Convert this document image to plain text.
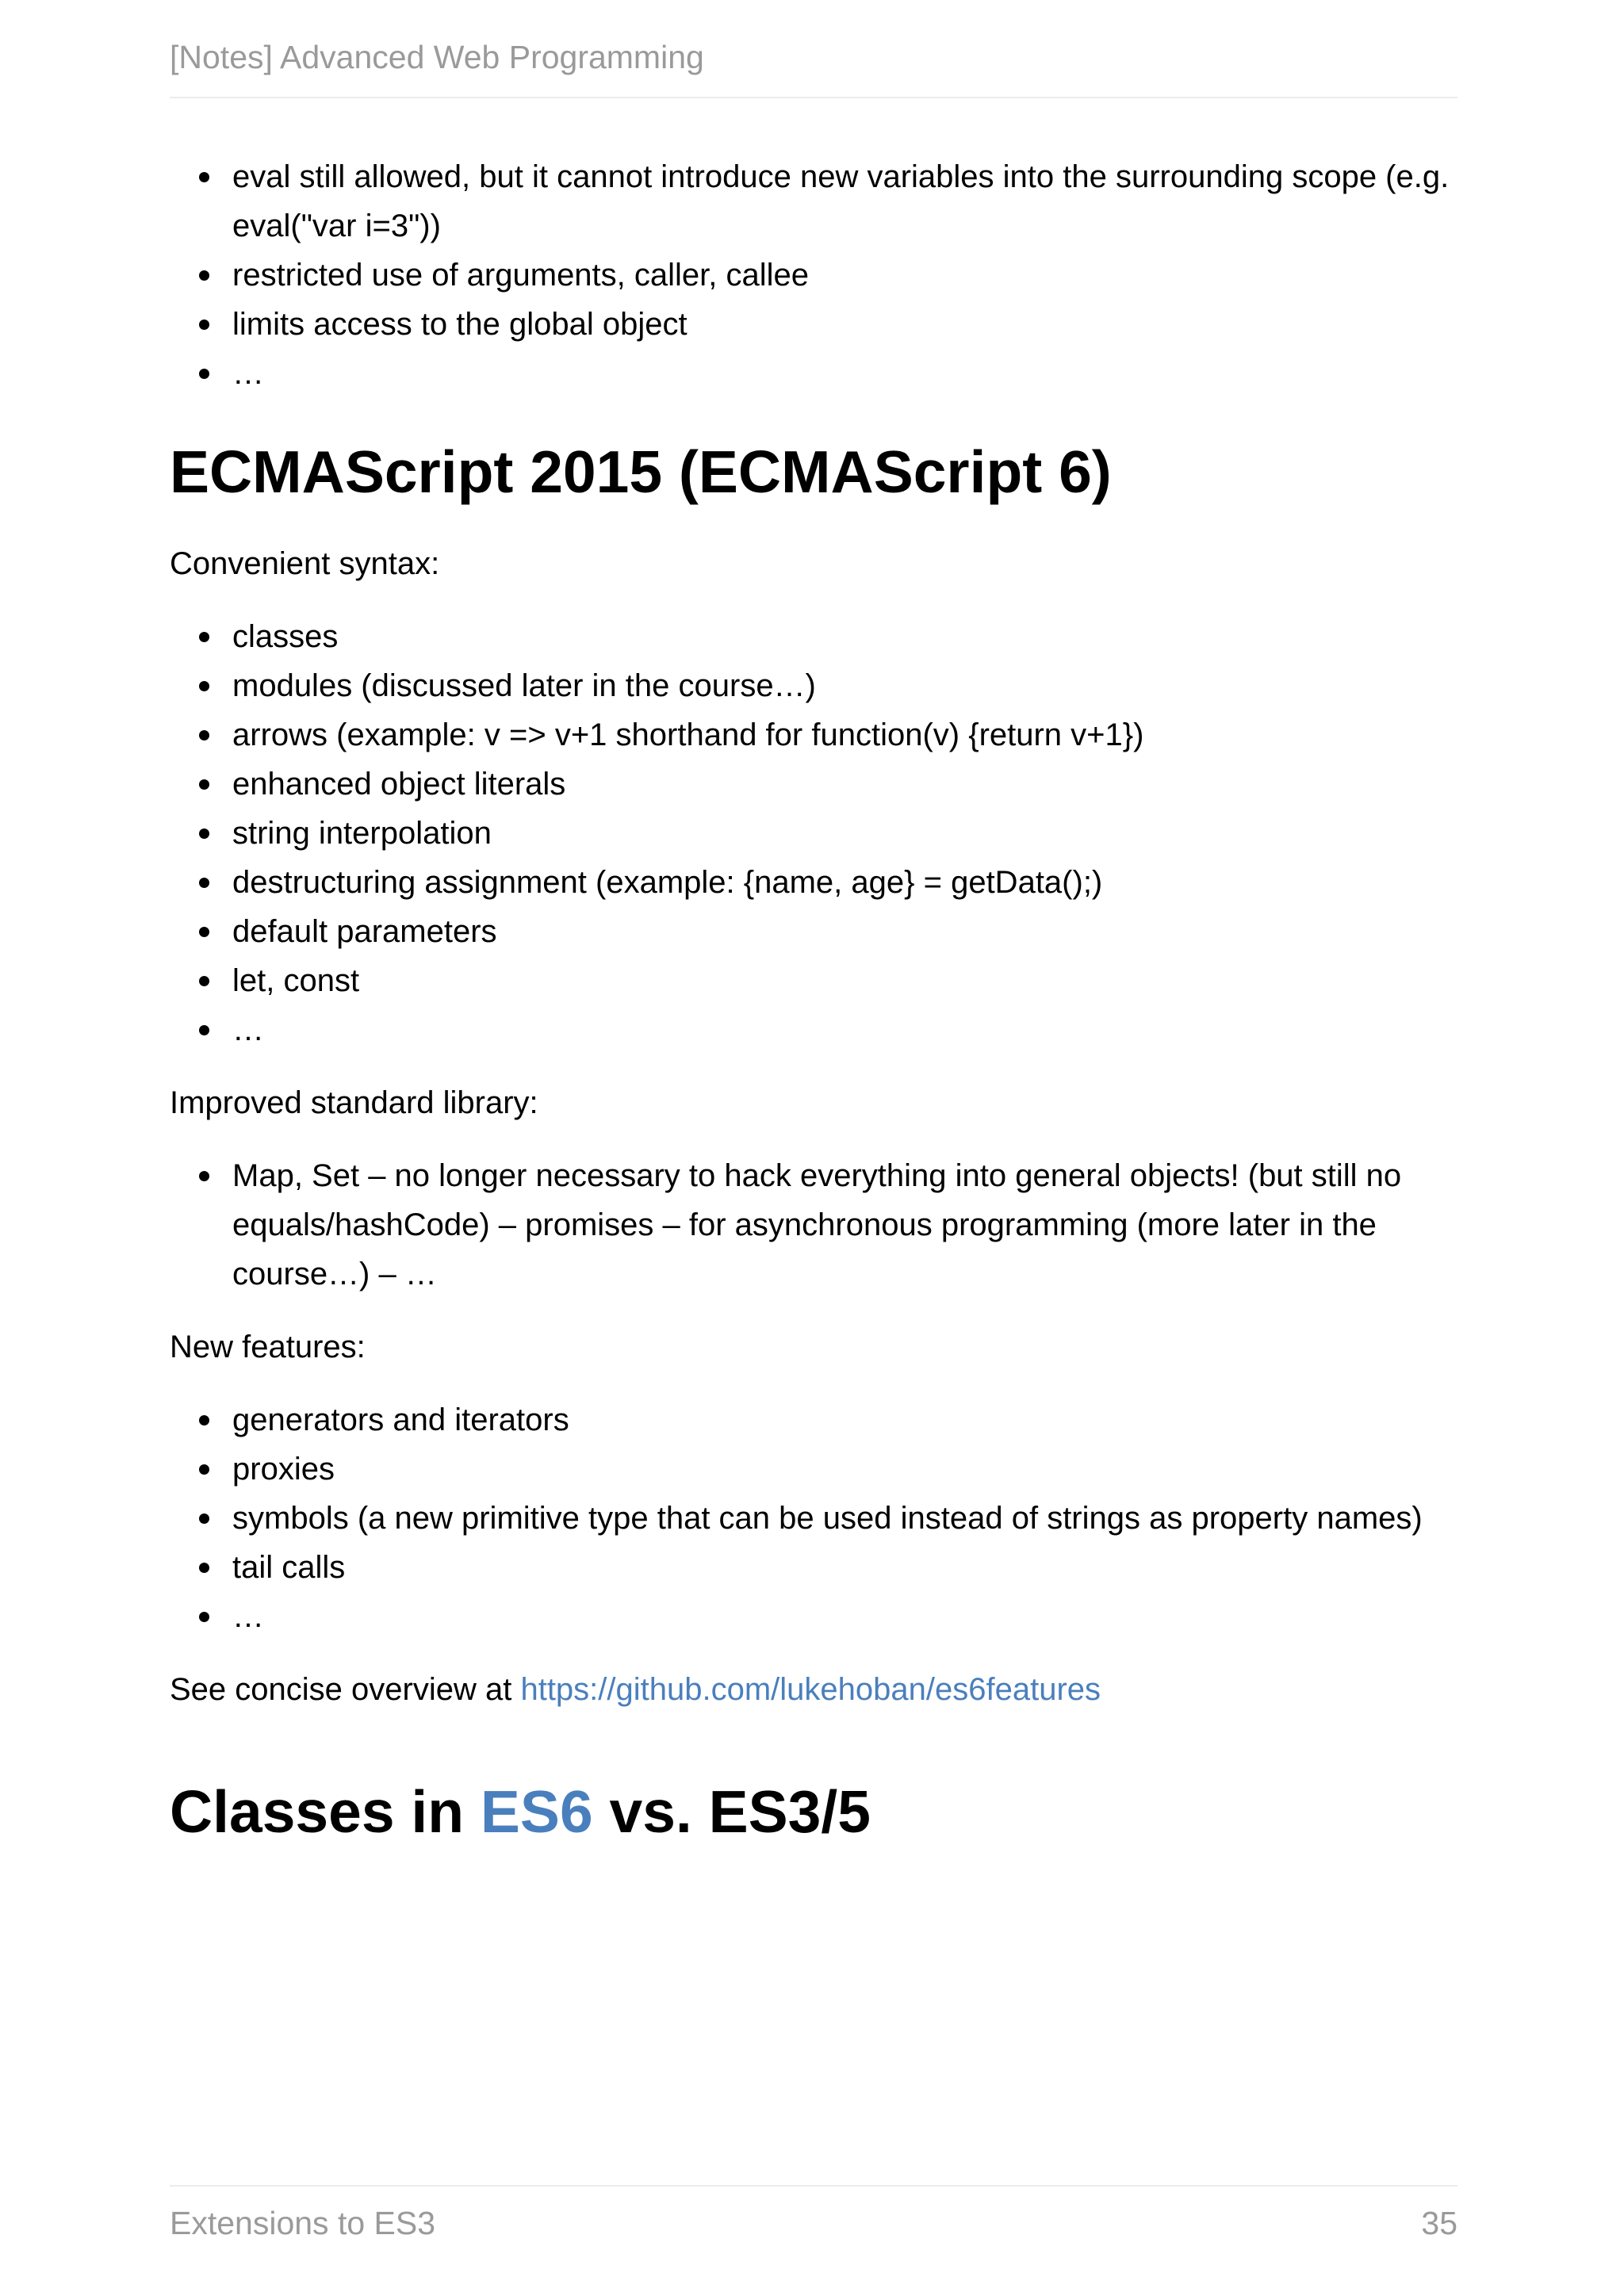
[Notes] Advanced Web Programming
eval still allowed, but it cannot introduce new variables into the surrounding scope (e.g. eval("var i=3"))
restricted use of arguments, caller, callee
limits access to the global object
…
ECMAScript 2015 (ECMAScript 6)

Convenient syntax:

classes
modules (discussed later in the course…)
arrows (example: v => v+1 shorthand for function(v) {return v+1})
enhanced object literals
string interpolation
destructuring assignment (example: {name, age} = getData();)
default parameters
let, const
…

Improved standard library:

Map, Set – no longer necessary to hack everything into general objects! (but still no equals/hashCode) – promises – for asynchronous programming (more later in the course…) – …

New features:

generators and iterators
proxies
symbols (a new primitive type that can be used instead of strings as property names)
tail calls
…

See concise overview at https://github.com/lukehoban/es6features

Classes in ES6 vs. ES3/5
Extensions to ES3	35
